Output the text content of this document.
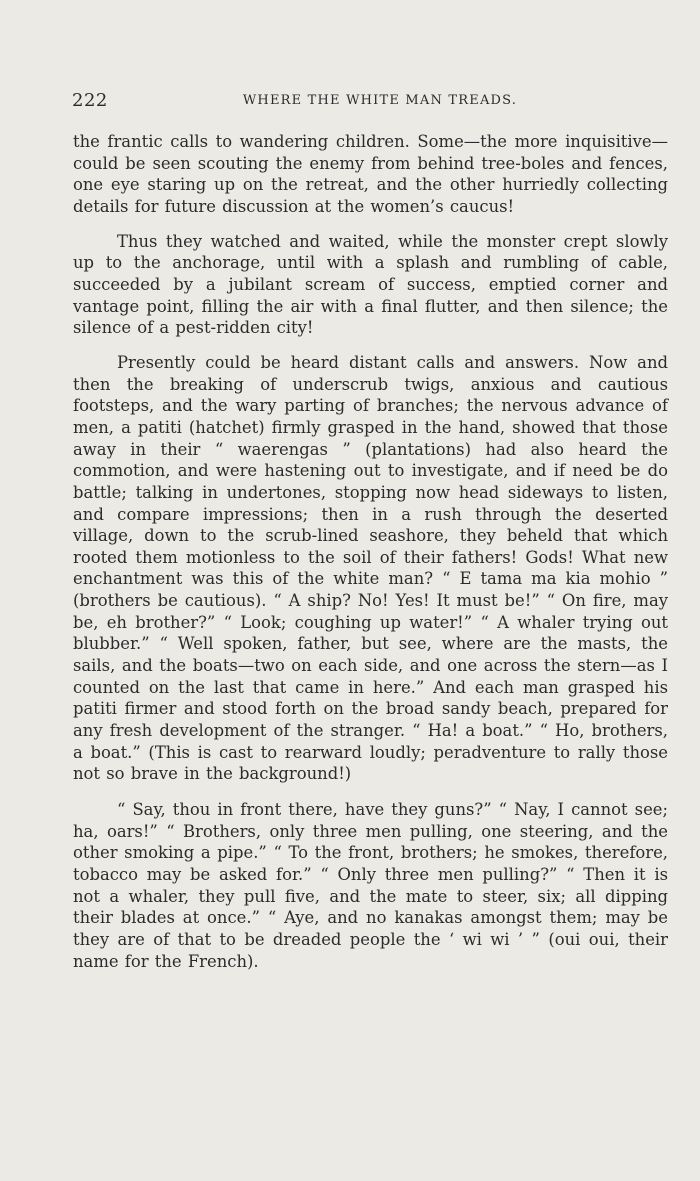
222	WHERE THE WHITE MAN TREADS.

the frantic calls to wandering children. Some—the more inquisitive—could be seen scouting the enemy from behind tree-boles and fences, one eye staring up on the retreat, and the other hurriedly collecting details for future discussion at the women’s caucus!

Thus they watched and waited, while the monster crept slowly up to the anchorage, until with a splash and rumbling of cable, succeeded by a jubilant scream of success, emptied corner and vantage point, filling the air with a final flutter, and then silence; the silence of a pest-ridden city!

Presently could be heard distant calls and answers. Now and then the breaking of underscrub twigs, anxious and cautious footsteps, and the wary parting of branches; the nervous advance of men, a patiti (hatchet) firmly grasped in the hand, showed that those away in their “ waerengas ” (plantations) had also heard the commotion, and were hastening out to investigate, and if need be do battle; talking in undertones, stopping now head sideways to listen, and compare impressions; then in a rush through the deserted village, down to the scrub-lined seashore, they beheld that which rooted them motionless to the soil of their fathers! Gods! What new enchantment was this of the white man? “ E tama ma kia mohio ” (brothers be cautious). “ A ship? No! Yes! It must be!” “ On fire, may be, eh brother?” “ Look; coughing up water!” “ A whaler trying out blubber.” “ Well spoken, father, but see, where are the masts, the sails, and the boats—two on each side, and one across the stern—as I counted on the last that came in here.” And each man grasped his patiti firmer and stood forth on the broad sandy beach, prepared for any fresh development of the stranger. “ Ha! a boat.” “ Ho, brothers, a boat.” (This is cast to rearward loudly; peradventure to rally those not so brave in the background!)

“ Say, thou in front there, have they guns?” “ Nay, I cannot see; ha, oars!” “ Brothers, only three men pulling, one steering, and the other smoking a pipe.” “ To the front, brothers; he smokes, therefore, tobacco may be asked for.” “ Only three men pulling?” “ Then it is not a whaler, they pull five, and the mate to steer, six; all dipping their blades at once.” “ Aye, and no kanakas amongst them; may be they are of that to be dreaded people the ‘ wi wi ’ ” (oui oui, their name for the French).
